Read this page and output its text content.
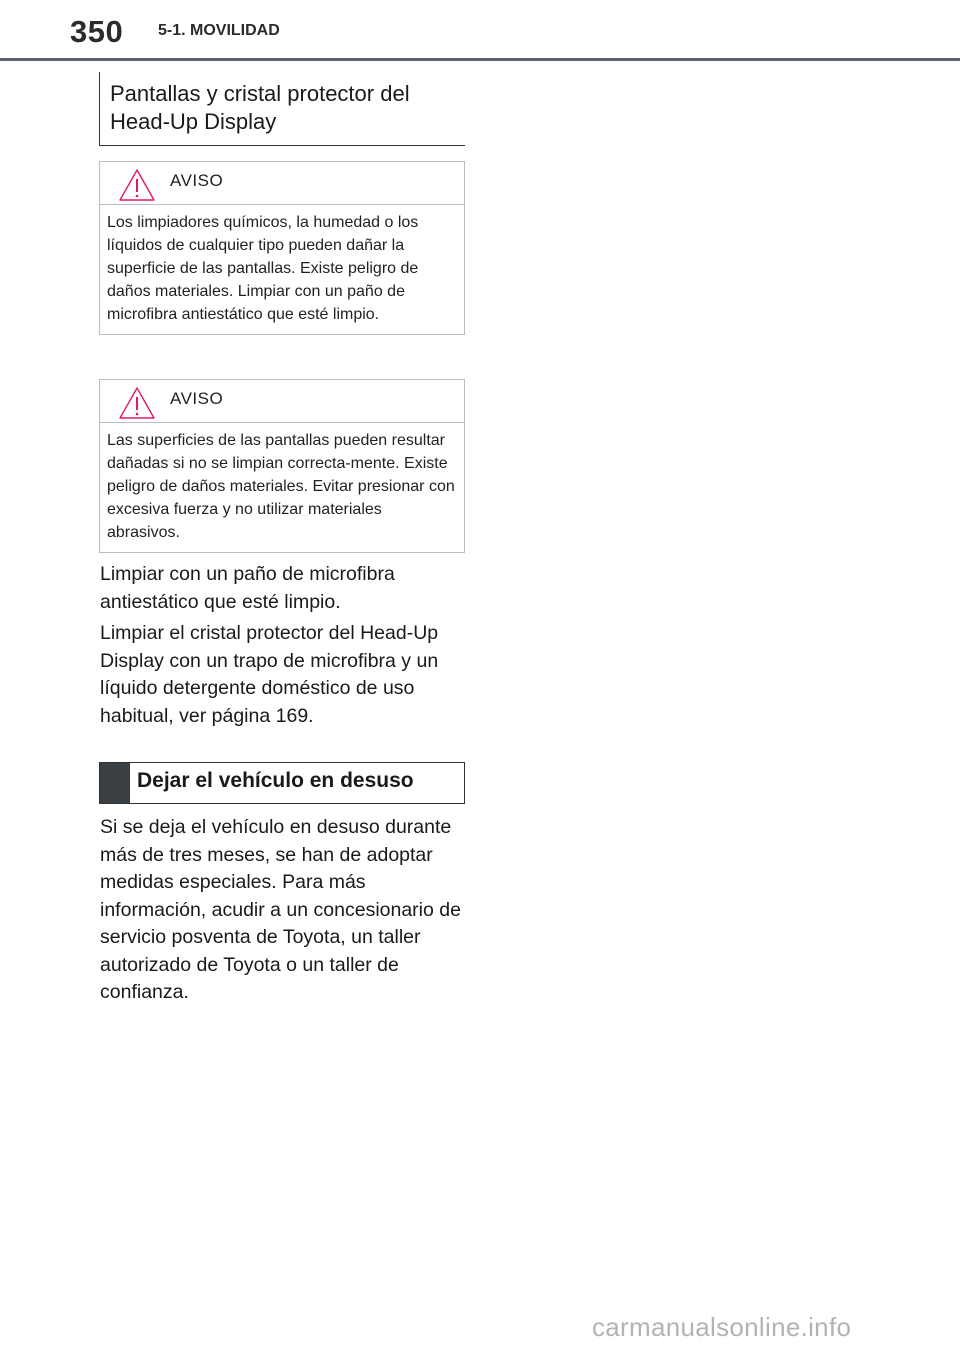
350 5-1. MOVILIDAD
Pantallas y cristal protector del Head-Up Display
AVISO
Los limpiadores químicos, la humedad o los líquidos de cualquier tipo pueden dañar la superficie de las pantallas. Existe peligro de daños materiales. Limpiar con un paño de microfibra antiestático que esté limpio.
AVISO
Las superficies de las pantallas pueden resultar dañadas si no se limpian correcta-mente. Existe peligro de daños materiales. Evitar presionar con excesiva fuerza y no utilizar materiales abrasivos.

Limpiar con un paño de microfibra antiestático que esté limpio.

Limpiar el cristal protector del Head-Up Display con un trapo de microfibra y un líquido detergente doméstico de uso habitual, ver página 169.

Dejar el vehículo en desuso

Si se deja el vehículo en desuso durante más de tres meses, se han de adoptar medidas especiales. Para más información, acudir a un concesionario de servicio posventa de Toyota, un taller autorizado de Toyota o un taller de confianza.

carmanualsonline.info
